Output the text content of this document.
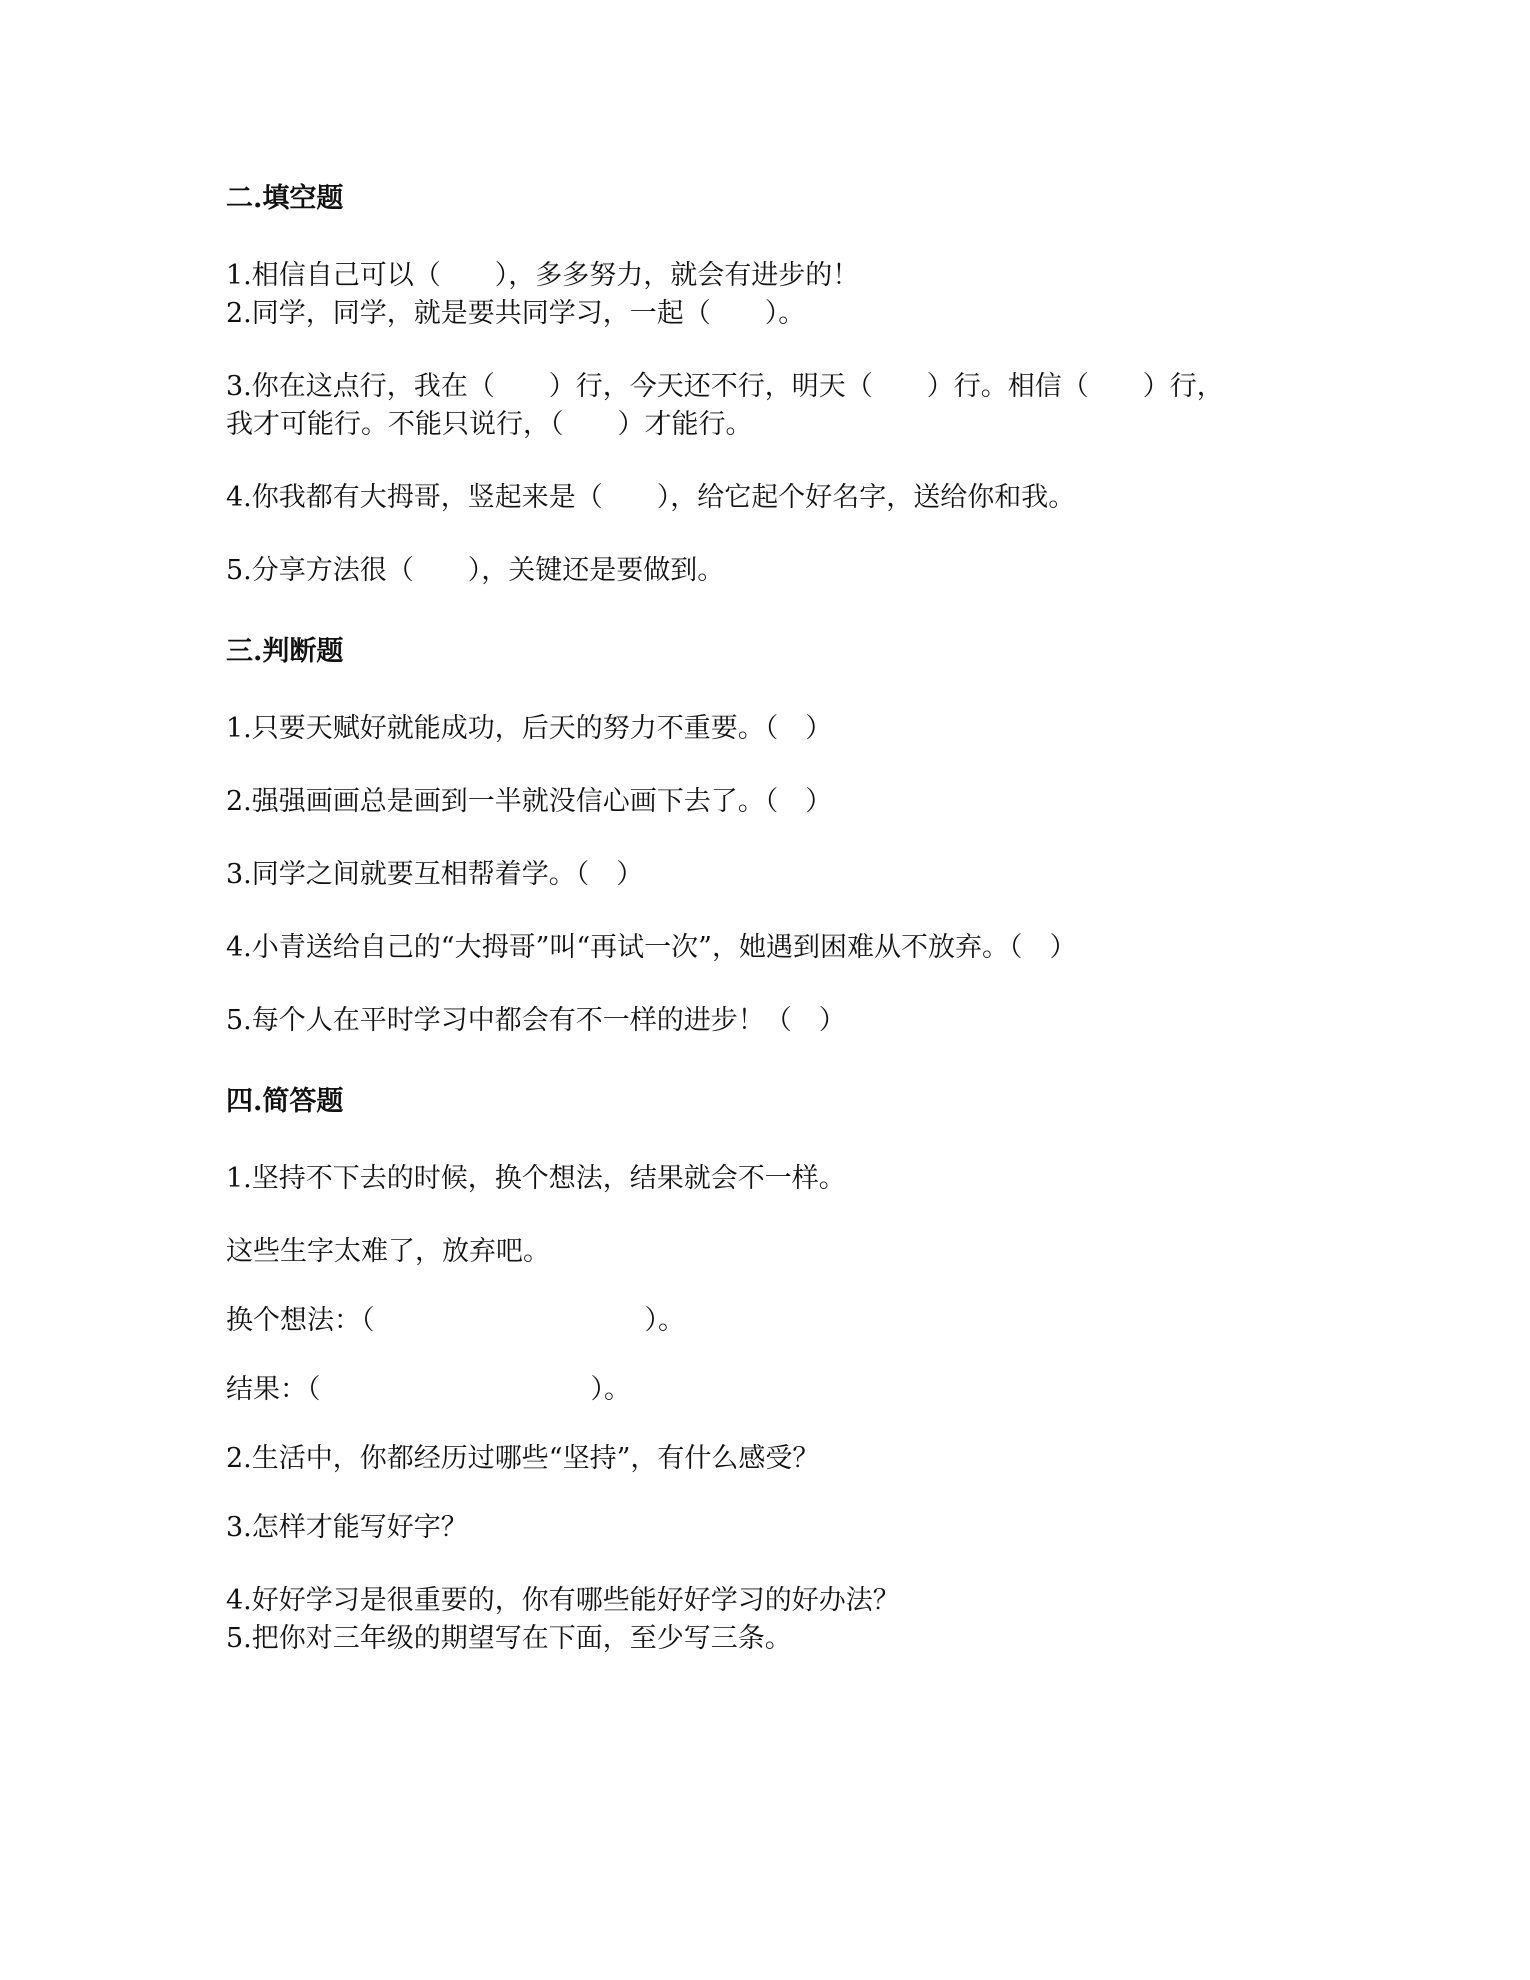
二.填空题
1.相信自己可以（　　），多多努力，就会有进步的！
2.同学，同学，就是要共同学习，一起（　　）。
3.你在这点行，我在（　　）行，今天还不行，明天（　　）行。相信（　　）行，
我才可能行。不能只说行，（　　）才能行。
4.你我都有大拇哥，竖起来是（　　），给它起个好名字，送给你和我。
5.分享方法很（　　），关键还是要做到。
三.判断题
1.只要天赋好就能成功，后天的努力不重要。（　）
2.强强画画总是画到一半就没信心画下去了。（　）
3.同学之间就要互相帮着学。（　）
4.小青送给自己的“大拇哥”叫“再试一次”，她遇到困难从不放弃。（　）
5.每个人在平时学习中都会有不一样的进步！（　）
四.简答题
1.坚持不下去的时候，换个想法，结果就会不一样。
这些生字太难了，放弃吧。
换个想法：（　　　　　　　　　　）。
结果：（　　　　　　　　　　）。
2.生活中，你都经历过哪些“坚持”，有什么感受？
3.怎样才能写好字？
4.好好学习是很重要的，你有哪些能好好学习的好办法？
5.把你对三年级的期望写在下面，至少写三条。
